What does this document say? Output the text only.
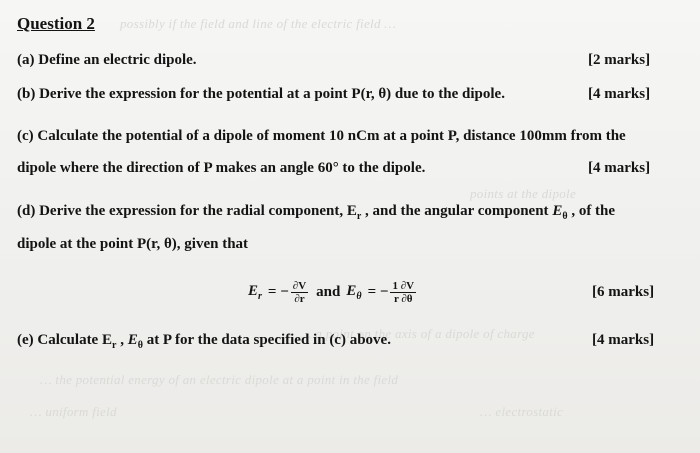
possibly if the field and line of the electric field …
points at the dipole
… a point on the axis of a dipole of charge
… the potential energy of an electric dipole at a point in the field
… uniform field	… electrostatic
Question 2
(a) Define an electric dipole.	[2 marks]
(b) Derive the expression for the potential at a point P(r, θ) due to the dipole.	[4 marks]
(c) Calculate the potential of a dipole of moment 10 nCm at a point P, distance 100mm from the
dipole where the direction of P makes an angle 60° to the dipole.	[4 marks]
(d) Derive the expression for the radial component, $E_r$ , and the angular component $E_\theta$ , of the
dipole at the point P(r, θ), given that
$E_r$ = − $\frac{\partial V}{\partial r}$ and $E_\theta$ = − $\frac{1 \partial V}{r \partial\theta}$	[6 marks]
(e) Calculate $E_r$ , $E_\theta$ at P for the data specified in (c) above.	[4 marks]
